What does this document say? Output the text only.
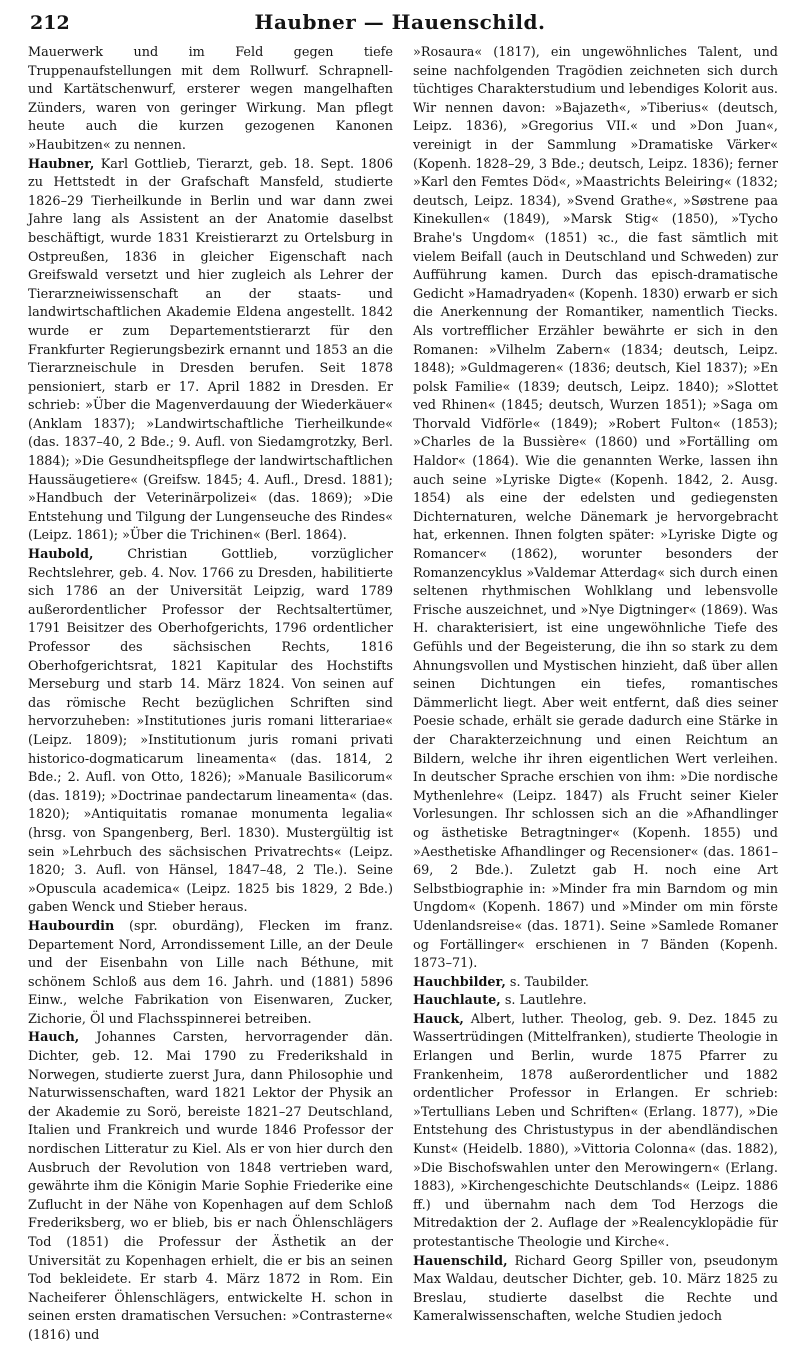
212	Haubner — Hauenschild.

Mauerwerk und im Feld gegen tiefe Truppenaufstellungen mit dem Rollwurf. Schrapnell- und Kartätschenwurf, ersterer wegen mangelhaften Zünders, waren von geringer Wirkung. Man pflegt heute auch die kurzen gezogenen Kanonen »Haubitzen« zu nennen.

Haubner, Karl Gottlieb, Tierarzt, geb. 18. Sept. 1806 zu Hettstedt in der Grafschaft Mansfeld, studierte 1826–29 Tierheilkunde in Berlin und war dann zwei Jahre lang als Assistent an der Anatomie daselbst beschäftigt, wurde 1831 Kreistierarzt zu Ortelsburg in Ostpreußen, 1836 in gleicher Eigenschaft nach Greifswald versetzt und hier zugleich als Lehrer der Tierarzneiwissenschaft an der staats- und landwirtschaftlichen Akademie Eldena angestellt. 1842 wurde er zum Departementstierarzt für den Frankfurter Regierungsbezirk ernannt und 1853 an die Tierarzneischule in Dresden berufen. Seit 1878 pensioniert, starb er 17. April 1882 in Dresden. Er schrieb: »Über die Magenverdauung der Wiederkäuer« (Anklam 1837); »Landwirtschaftliche Tierheilkunde« (das. 1837–40, 2 Bde.; 9. Aufl. von Siedamgrotzky, Berl. 1884); »Die Gesundheitspflege der landwirtschaftlichen Haussäugetiere« (Greifsw. 1845; 4. Aufl., Dresd. 1881); »Handbuch der Veterinärpolizei« (das. 1869); »Die Entstehung und Tilgung der Lungenseuche des Rindes« (Leipz. 1861); »Über die Trichinen« (Berl. 1864).

Haubold,	Christian Gottlieb, vorzüglicher Rechtslehrer, geb. 4. Nov. 1766 zu Dresden, habilitierte sich 1786 an der Universität Leipzig, ward 1789 außerordentlicher Professor der Rechtsaltertümer, 1791 Beisitzer des Oberhofgerichts, 1796 ordentlicher Professor des sächsischen Rechts, 1816 Oberhofgerichtsrat, 1821 Kapitular des Hochstifts Merseburg und starb 14. März 1824. Von seinen auf das römische Recht bezüglichen Schriften sind hervorzuheben: »Institutiones juris romani litterariae« (Leipz. 1809); »Institutionum juris romani privati historico-dogmaticarum lineamenta« (das. 1814, 2 Bde.; 2. Aufl. von Otto, 1826); »Manuale Basilicorum« (das. 1819); »Doctrinae pandectarum lineamenta« (das. 1820); »Antiquitatis romanae monumenta legalia« (hrsg. von Spangenberg, Berl. 1830). Mustergültig ist sein »Lehrbuch des sächsischen Privatrechts« (Leipz. 1820; 3. Aufl. von Hänsel, 1847–48, 2 Tle.). Seine »Opuscula academica« (Leipz. 1825 bis 1829, 2 Bde.) gaben Wenck und Stieber heraus.

Haubourdin (spr. oburdäng), Flecken im franz. Departement Nord, Arrondissement Lille, an der Deule und der Eisenbahn von Lille nach Béthune, mit schönem Schloß aus dem 16. Jahrh. und (1881) 5896 Einw., welche Fabrikation von Eisenwaren, Zucker, Zichorie, Öl und Flachsspinnerei betreiben.

Hauch, Johannes Carsten, hervorragender dän. Dichter, geb. 12. Mai 1790 zu Frederikshald in Norwegen, studierte zuerst Jura, dann Philosophie und Naturwissenschaften, ward 1821 Lektor der Physik an der Akademie zu Sorö, bereiste 1821–27 Deutschland, Italien und Frankreich und wurde 1846 Professor der nordischen Litteratur zu Kiel. Als er von hier durch den Ausbruch der Revolution von 1848 vertrieben ward, gewährte ihm die Königin Marie Sophie Friederike eine Zuflucht in der Nähe von Kopenhagen auf dem Schloß Frederiksberg, wo er blieb, bis er nach Öhlenschlägers Tod (1851) die Professur der Ästhetik an der Universität zu Kopenhagen erhielt, die er bis an seinen Tod bekleidete. Er starb 4. März 1872 in Rom. Ein Nacheiferer Öhlenschlägers, entwickelte H. schon in seinen ersten dramatischen Versuchen: »Contrasterne« (1816) und

»Rosaura« (1817), ein ungewöhnliches Talent, und seine nachfolgenden Tragödien zeichneten sich durch tüchtiges Charakterstudium und lebendiges Kolorit aus. Wir nennen davon: »Bajazeth«, »Tiberius« (deutsch, Leipz. 1836), »Gregorius VII.« und »Don Juan«, vereinigt in der Sammlung »Dramatiske Värker« (Kopenh. 1828–29, 3 Bde.; deutsch, Leipz. 1836); ferner »Karl den Femtes Död«, »Maastrichts Beleiring« (1832; deutsch, Leipz. 1834), »Svend Grathe«, »Søstrene paa Kinekullen« (1849), »Marsk Stig« (1850), »Tycho Brahe's Ungdom« (1851) ꝛc., die fast sämtlich mit vielem Beifall (auch in Deutschland und Schweden) zur Aufführung kamen. Durch das episch-dramatische Gedicht »Hamadryaden« (Kopenh. 1830) erwarb er sich die Anerkennung der Romantiker, namentlich Tiecks. Als vortrefflicher Erzähler bewährte er sich in den Romanen: »Vilhelm Zabern« (1834; deutsch, Leipz. 1848); »Guldmageren« (1836; deutsch, Kiel 1837); »En polsk Familie« (1839; deutsch, Leipz. 1840); »Slottet ved Rhinen« (1845; deutsch, Wurzen 1851); »Saga om Thorvald Vidförle« (1849); »Robert Fulton« (1853); »Charles de la Bussière« (1860) und »Fortälling om Haldor« (1864). Wie die genannten Werke, lassen ihn auch seine »Lyriske Digte« (Kopenh. 1842, 2. Ausg. 1854) als eine der edelsten und gediegensten Dichternaturen, welche Dänemark je hervorgebracht hat, erkennen. Ihnen folgten später: »Lyriske Digte og Romancer« (1862), worunter besonders der Romanzencyklus »Valdemar Atterdag« sich durch einen seltenen rhythmischen Wohlklang und lebensvolle Frische auszeichnet, und »Nye Digtninger« (1869). Was H. charakterisiert, ist eine ungewöhnliche Tiefe des Gefühls und der Begeisterung, die ihn so stark zu dem Ahnungsvollen und Mystischen hinzieht, daß über allen seinen Dichtungen ein tiefes, romantisches Dämmerlicht liegt. Aber weit entfernt, daß dies seiner Poesie schade, erhält sie gerade dadurch eine Stärke in der Charakterzeichnung und einen Reichtum an Bildern, welche ihr ihren eigentlichen Wert verleihen. In deutscher Sprache erschien von ihm: »Die nordische Mythenlehre« (Leipz. 1847) als Frucht seiner Kieler Vorlesungen. Ihr schlossen sich an die »Afhandlinger og ästhetiske Betragtninger« (Kopenh. 1855) und »Aesthetiske Afhandlinger og Recensioner« (das. 1861–69, 2 Bde.). Zuletzt gab H. noch eine Art Selbstbiographie in: »Minder fra min Barndom og min Ungdom« (Kopenh. 1867) und »Minder om min förste Udenlandsreise« (das. 1871). Seine »Samlede Romaner og Fortällinger« erschienen in 7 Bänden (Kopenh. 1873–71).

Hauchbilder, s. Taubilder.

Hauchlaute, s. Lautlehre.

Hauck, Albert, luther. Theolog, geb. 9. Dez. 1845 zu Wassertrüdingen (Mittelfranken), studierte Theologie in Erlangen und Berlin, wurde 1875 Pfarrer zu Frankenheim, 1878 außerordentlicher und 1882 ordentlicher Professor in Erlangen. Er schrieb: »Tertullians Leben und Schriften« (Erlang. 1877), »Die Entstehung des Christustypus in der abendländischen Kunst« (Heidelb. 1880), »Vittoria Colonna« (das. 1882), »Die Bischofswahlen unter den Merowingern« (Erlang. 1883), »Kirchengeschichte Deutschlands« (Leipz. 1886 ff.) und übernahm nach dem Tod Herzogs die Mitredaktion der 2. Auflage der »Realencyklopädie für protestantische Theologie und Kirche«.

Hauenschild, Richard Georg Spiller von, pseudonym Max Waldau, deutscher Dichter, geb. 10. März 1825 zu Breslau, studierte daselbst die Rechte und Kameralwissenschaften, welche Studien jedoch
